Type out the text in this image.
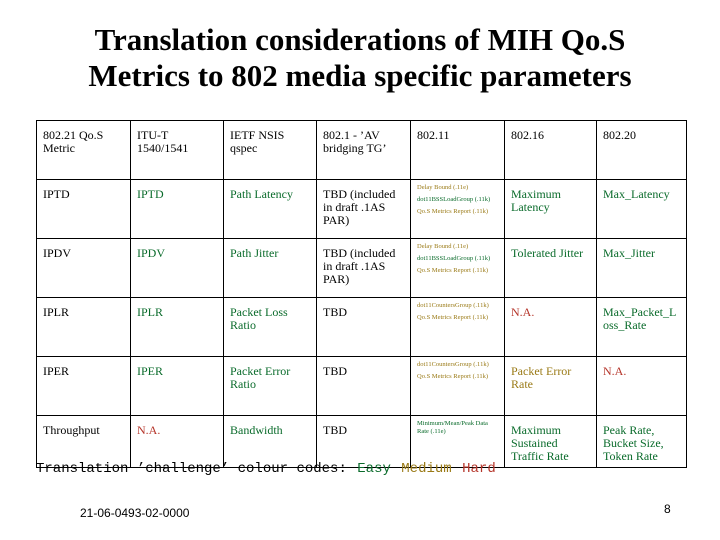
Translation considerations of MIH Qo.S
Metrics to 802 media specific parameters
802.21 Qo.S Metric	ITU-T 1540/1541	IETF NSIS qspec	802.1 - ’AV bridging TG’	802.11	802.16	802.20
IPTD	IPTD	Path Latency	TBD (included in draft .1AS PAR)	Delay Bound (.11e)
dot11BSSLoadGroup (.11k)
Qo.S Metrics Report (.11k)	Maximum Latency	Max_Latency
IPDV	IPDV	Path Jitter	TBD (included in draft .1AS PAR)	Delay Bound (.11e)
dot11BSSLoadGroup (.11k)
Qo.S Metrics Report (.11k)	Tolerated Jitter	Max_Jitter
IPLR	IPLR	Packet Loss Ratio	TBD	dot11CountersGroup (.11k)
Qo.S Metrics Report (.11k)	N.A.	Max_Packet_L oss_Rate
IPER	IPER	Packet Error Ratio	TBD	dot11CountersGroup (.11k)
Qo.S Metrics Report (.11k)	Packet Error Rate	N.A.
Throughput	N.A.	Bandwidth	TBD	Minimum/Mean/Peak Data Rate (.11e)	Maximum Sustained Traffic Rate	Peak Rate, Bucket Size, Token Rate
Translation ’challenge’ colour codes: Easy Medium Hard
21-06-0493-02-0000	8
